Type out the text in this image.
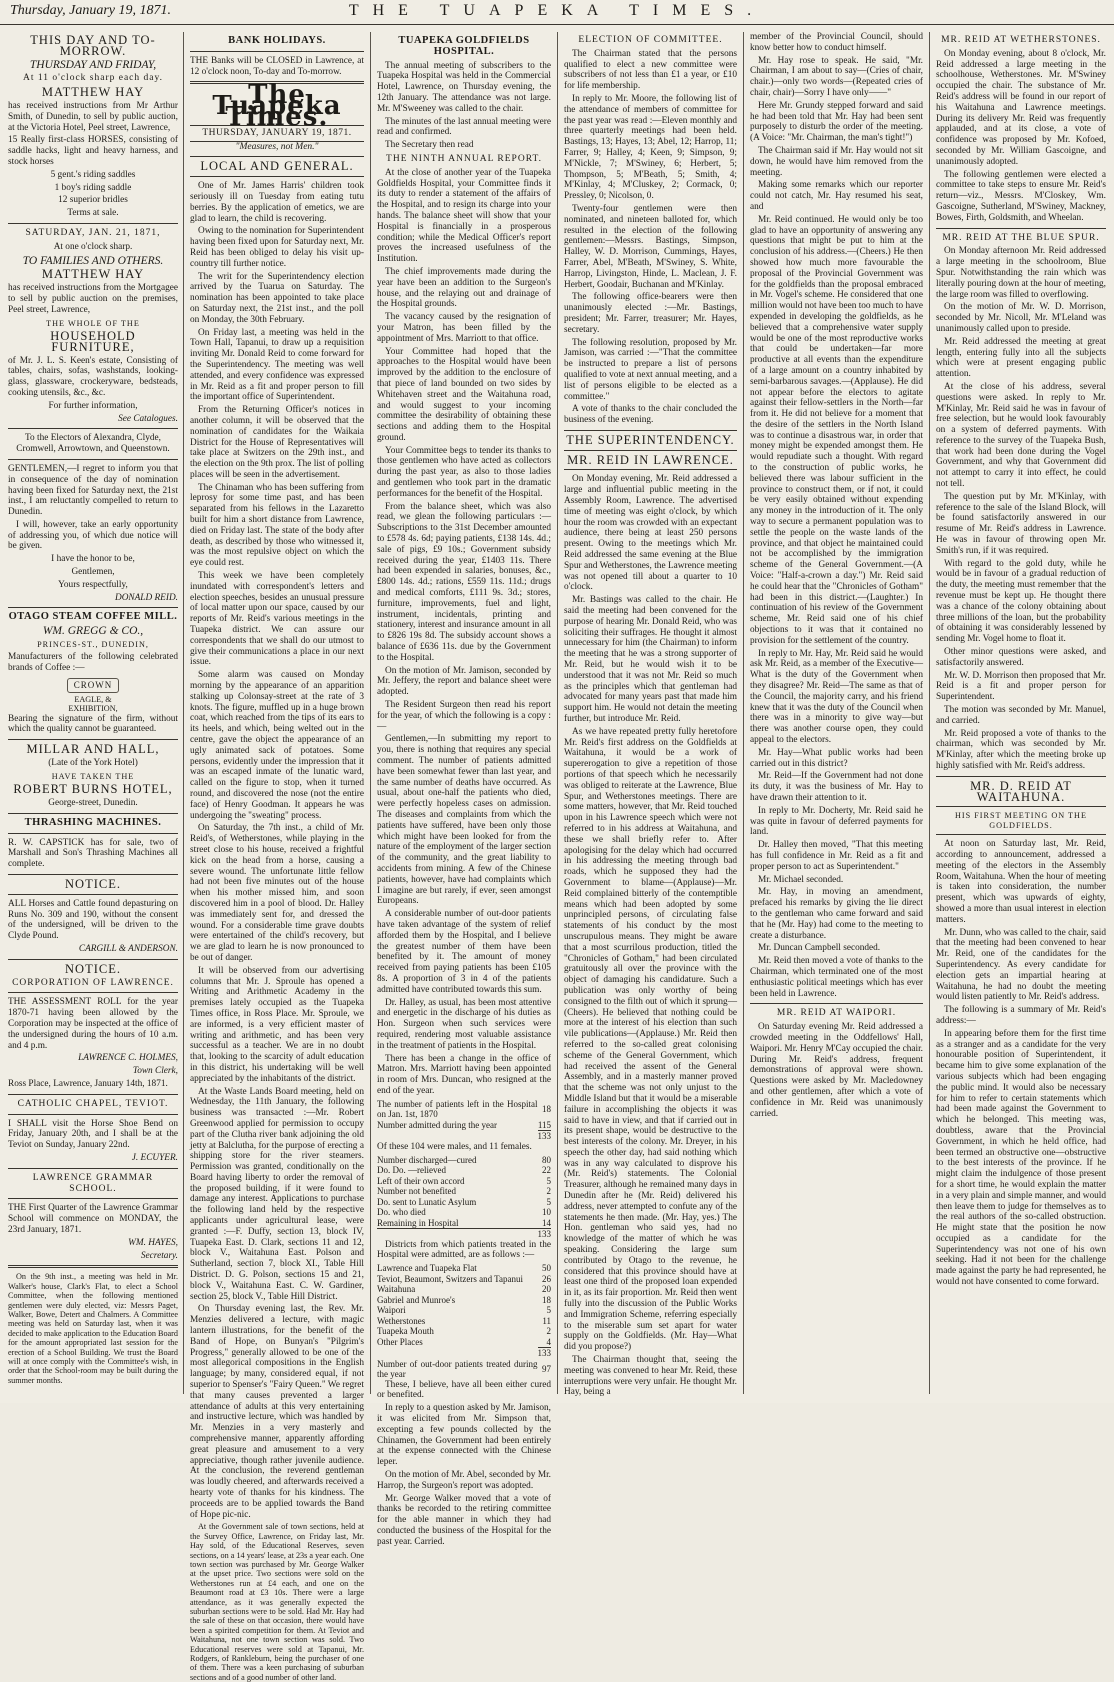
Thursday, January 19, 1871.	THE TUAPEKA TIMES.
THIS DAY AND TO-MORROW.
THURSDAY AND FRIDAY,
At 11 o'clock sharp each day.
MATTHEW HAY

has received instructions from Mr Arthur Smith, of Dunedin, to sell by public auction, at the Victoria Hotel, Peel street, Lawrence,

15 Really first-class HORSES, consisting of saddle hacks, light and heavy harness, and stock horses

5 gent.'s riding saddles

1 boy's riding saddle

12 superior bridles

Terms at sale.

SATURDAY, JAN. 21, 1871,
At one o'clock sharp.
TO FAMILIES AND OTHERS.
MATTHEW HAY

has received instructions from the Mortgagee to sell by public auction on the premises, Peel street, Lawrence,

THE WHOLE OF THE
HOUSEHOLD FURNITURE,

of Mr. J. L. S. Keen's estate, Consisting of tables, chairs, sofas, washstands, looking-glass, glassware, crockeryware, bedsteads, cooking utensils, &c., &c.

For further information,

See Catalogues.

To the Electors of Alexandra, Clyde, Cromwell, Arrowtown, and Queenstown.

GENTLEMEN,—I regret to inform you that in consequence of the day of nomination having been fixed for Saturday next, the 21st inst., I am reluctantly compelled to return to Dunedin.

I will, however, take an early opportunity of addressing you, of which due notice will be given.

I have the honor to be,

Gentlemen,

Yours respectfully,

DONALD REID.

OTAGO STEAM COFFEE MILL.
WM. GREGG & CO.,
PRINCES-ST., DUNEDIN,

Manufacturers of the following celebrated brands of Coffee :—

CROWN
EAGLE, &
EXHIBITION,

Bearing the signature of the firm, without which the quality cannot be guaranteed.

MILLAR AND HALL,
(Late of the York Hotel)
HAVE TAKEN THE
ROBERT BURNS HOTEL,
George-street, Dunedin.
THRASHING MACHINES.

R. W. CAPSTICK has for sale, two of Marshall and Son's Thrashing Machines all complete.

NOTICE.

ALL Horses and Cattle found depasturing on Runs No. 309 and 190, without the consent of the undersigned, will be driven to the Clyde Pound.

CARGILL & ANDERSON.

NOTICE.
CORPORATION OF LAWRENCE.

THE ASSESSMENT ROLL for the year 1870-71 having been allowed by the Corporation may be inspected at the office of the undersigned during the hours of 10 a.m. and 4 p.m.

LAWRENCE C. HOLMES,

Town Clerk,

Ross Place, Lawrence, January 14th, 1871.

CATHOLIC CHAPEL, TEVIOT.

I SHALL visit the Horse Shoe Bend on Friday, January 20th, and I shall be at the Teviot on Sunday, January 22nd.

J. ECUYER.

LAWRENCE GRAMMAR SCHOOL.

THE First Quarter of the Lawrence Grammar School will commence on MONDAY, the 23rd January, 1871.

WM. HAYES,

Secretary.

On the 9th inst., a meeting was held in Mr. Walker's house, Clark's Flat, to elect a School Committee, when the following mentioned gentlemen were duly elected, viz: Messrs Paget, Walker, Bowe, Detert and Chalmers. A Committee meeting was held on Saturday last, when it was decided to make application to the Education Board for the amount appropriated last session for the erection of a School Building. We trust the Board will at once comply with the Committee's wish, in order that the School-room may be built during the summer months.

BANK HOLIDAYS.

THE Banks will be CLOSED in Lawrence, at 12 o'clock noon, To-day and To-morrow.

The Tuapeka Times.
THURSDAY, JANUARY 19, 1871.
"Measures, not Men."
LOCAL AND GENERAL.

One of Mr. James Harris' children took seriously ill on Tuesday from eating tutu berries. By the application of emetics, we are glad to learn, the child is recovering.

Owing to the nomination for Superintendent having been fixed upon for Saturday next, Mr. Reid has been obliged to delay his visit up-country till further notice.

The writ for the Superintendency election arrived by the Tuarua on Saturday. The nomination has been appointed to take place on Saturday next, the 21st inst., and the poll on Monday, the 30th February.

On Friday last, a meeting was held in the Town Hall, Tapanui, to draw up a requisition inviting Mr. Donald Reid to come forward for the Superintendency. The meeting was well attended, and every confidence was expressed in Mr. Reid as a fit and proper person to fill the important office of Superintendent.

From the Returning Officer's notices in another column, it will be observed that the nomination of candidates for the Waikaia District for the House of Representatives will take place at Switzers on the 29th inst., and the election on the 9th prox. The list of polling places will be seen in the advertisement.

The Chinaman who has been suffering from leprosy for some time past, and has been separated from his fellows in the Lazaretto built for him a short distance from Lawrence, died on Friday last. The state of the body after death, as described by those who witnessed it, was the most repulsive object on which the eye could rest.

This week we have been completely inundated with correspondent's letters and election speeches, besides an unusual pressure of local matter upon our space, caused by our reports of Mr. Reid's various meetings in the Tuapeka district. We can assure our correspondents that we shall do our utmost to give their communications a place in our next issue.

Some alarm was caused on Monday morning by the appearance of an apparition stalking up Colonsay-street at the rate of 3 knots. The figure, muffled up in a huge brown coat, which reached from the tips of its ears to its heels, and which, being welted out in the centre, gave the object the appearance of an ugly animated sack of potatoes. Some persons, evidently under the impression that it was an escaped inmate of the lunatic ward, called on the figure to stop, when it turned round, and discovered the nose (not the entire face) of Henry Goodman. It appears he was undergoing the "sweating" process.

On Saturday, the 7th inst., a child of Mr. Reid's, of Wetherstones, while playing in the street close to his house, received a frightful kick on the head from a horse, causing a severe wound. The unfortunate little fellow had not been five minutes out of the house when his mother missed him, and soon discovered him in a pool of blood. Dr. Halley was immediately sent for, and dressed the wound. For a considerable time grave doubts were entertained of the child's recovery, but we are glad to learn he is now pronounced to be out of danger.

It will be observed from our advertising columns that Mr. J. Sproule has opened a Writing and Arithmetic Academy in the premises lately occupied as the Tuapeka Times office, in Ross Place. Mr. Sproule, we are informed, is a very efficient master of writing and arithmetic, and has been very successful as a teacher. We are in no doubt that, looking to the scarcity of adult education in this district, his undertaking will be well appreciated by the inhabitants of the district.

At the Waste Lands Board meeting, held on Wednesday, the 11th January, the following business was transacted :—Mr. Robert Greenwood applied for permission to occupy part of the Clutha river bank adjoining the old jetty at Balclutha, for the purpose of erecting a shipping store for the river steamers. Permission was granted, conditionally on the Board having liberty to order the removal of the proposed building, if it were found to damage any interest. Applications to purchase the following land held by the respective applicants under agricultural lease, were granted :—F. Duffy, section 13, block IV, Tuapeka East. D. Clark, sections 11 and 12, block V., Waitahuna East. Polson and Sutherland, section 7, block XI., Table Hill District. D. G. Polson, sections 15 and 21, block V., Waitahuna East. C. W. Gardiner, section 25, block V., Table Hill District.

On Thursday evening last, the Rev. Mr. Menzies delivered a lecture, with magic lantern illustrations, for the benefit of the Band of Hope, on Bunyan's "Pilgrim's Progress," generally allowed to be one of the most allegorical compositions in the English language; by many, considered equal, if not superior to Spenser's "Fairy Queen." We regret that many causes prevented a larger attendance of adults at this very entertaining and instructive lecture, which was handled by Mr. Menzies in a very masterly and comprehensive manner, apparently affording great pleasure and amusement to a very appreciative, though rather juvenile audience. At the conclusion, the reverend gentleman was loudly cheered, and afterwards received a hearty vote of thanks for his kindness. The proceeds are to be applied towards the Band of Hope pic-nic.

At the Government sale of town sections, held at the Survey Office, Lawrence, on Friday last, Mr. Hay sold, of the Educational Reserves, seven sections, on a 14 years' lease, at 23s a year each. One town section was purchased by Mr. George Walker at the upset price. Two sections were sold on the Wetherstones run at £4 each, and one on the Beaumont road at £3 10s. There were a large attendance, as it was generally expected the suburban sections were to be sold. Had Mr. Hay had the sale of these on that occasion, there would have been a spirited competition for them. At Teviot and Waitahuna, not one town section was sold. Two Educational reserves were sold at Tapanui, Mr. Rodgers, of Rankleburn, being the purchaser of one of them. There was a keen purchasing of suburban sections and of a good number of other land.

TUAPEKA GOLDFIELDS HOSPITAL.

The annual meeting of subscribers to the Tuapeka Hospital was held in the Commercial Hotel, Lawrence, on Thursday evening, the 12th January. The attendance was not large. Mr. M'Sweeney was called to the chair.

The minutes of the last annual meeting were read and confirmed.

The Secretary then read

THE NINTH ANNUAL REPORT.

At the close of another year of the Tuapeka Goldfields Hospital, your Committee finds it its duty to render a statement of the affairs of the Hospital, and to resign its charge into your hands. The balance sheet will show that your Hospital is financially in a prosperous condition; while the Medical Officer's report proves the increased usefulness of the Institution.

The chief improvements made during the year have been an addition to the Surgeon's house, and the relaying out and drainage of the Hospital grounds.

The vacancy caused by the resignation of your Matron, has been filled by the appointment of Mrs. Marriott to that office.

Your Committee had hoped that the approaches to the Hospital would have been improved by the addition to the enclosure of that piece of land bounded on two sides by Whitehaven street and the Waitahuna road, and would suggest to your incoming committee the desirability of obtaining these sections and adding them to the Hospital ground.

Your Committee begs to tender its thanks to those gentlemen who have acted as collectors during the past year, as also to those ladies and gentlemen who took part in the dramatic performances for the benefit of the Hospital.

From the balance sheet, which was also read, we glean the following particulars :—Subscriptions to the 31st December amounted to £578 4s. 6d; paying patients, £138 14s. 4d.; sale of pigs, £9 10s.; Government subsidy received during the year, £1403 11s. There had been expended in salaries, bonuses, &c., £800 14s. 4d.; rations, £559 11s. 11d.; drugs and medical comforts, £111 9s. 3d.; stores, furniture, improvements, fuel and light, instrument, incidentals, printing and stationery, interest and insurance amount in all to £826 19s 8d. The subsidy account shows a balance of £636 11s. due by the Government to the Hospital.

On the motion of Mr. Jamison, seconded by Mr. Jeffery, the report and balance sheet were adopted.

The Resident Surgeon then read his report for the year, of which the following is a copy :—

Gentlemen,—In submitting my report to you, there is nothing that requires any special comment. The number of patients admitted have been somewhat fewer than last year, and the same number of deaths have occurred. As usual, about one-half the patients who died, were perfectly hopeless cases on admission. The diseases and complaints from which the patients have suffered, have been only those which might have been looked for from the nature of the employment of the larger section of the community, and the great liability to accidents from mining. A few of the Chinese patients, however, have had complaints which I imagine are but rarely, if ever, seen amongst Europeans.

A considerable number of out-door patients have taken advantage of the system of relief afforded them by the Hospital, and I believe the greatest number of them have been benefited by it. The amount of money received from paying patients has been £105 8s. A proportion of 3 in 4 of the patients admitted have contributed towards this sum.

Dr. Halley, as usual, has been most attentive and energetic in the discharge of his duties as Hon. Surgeon when such services were required, rendering most valuable assistance in the treatment of patients in the Hospital.

There has been a change in the office of Matron. Mrs. Marriott having been appointed in room of Mrs. Duncan, who resigned at the end of the year.

The number of patients left in the Hospital on Jan. 1st, 1870	18
Number admitted during the year	115
	133

Of these 104 were males, and 11 females.

Number discharged—cured	80
Do. Do. —relieved	22
Left of their own accord	5
Number not benefited	2
Do. sent to Lunatic Asylum	5
Do. who died	10
Remaining in Hospital	14
	133

Districts from which patients treated in the Hospital were admitted, are as follows :—

Lawrence and Tuapeka Flat	50
Teviot, Beaumont, Switzers and Tapanui	26
Waitahuna	20
Gabriel and Munroe's	18
Waipori	5
Wetherstones	11
Tuapeka Mouth	2
Other Places	4
	133
Number of out-door patients treated during the year	97

These, I believe, have all been either cured or benefited.

In reply to a question asked by Mr. Jamison, it was elicited from Mr. Simpson that, excepting a few pounds collected by the Chinamen, the Government had been entirely at the expense connected with the Chinese leper.

On the motion of Mr. Abel, seconded by Mr. Harrop, the Surgeon's report was adopted.

Mr. George Walker moved that a vote of thanks be recorded to the retiring committee for the able manner in which they had conducted the business of the Hospital for the past year. Carried.

ELECTION OF COMMITTEE.

The Chairman stated that the persons qualified to elect a new committee were subscribers of not less than £1 a year, or £10 for life membership.

In reply to Mr. Moore, the following list of the attendance of members of committee for the past year was read :—Eleven monthly and three quarterly meetings had been held. Bastings, 13; Hayes, 13; Abel, 12; Harrop, 11; Farrer, 9; Halley, 4; Keen, 9; Simpson, 9; M'Nickle, 7; M'Swiney, 6; Herbert, 5; Thompson, 5; M'Beath, 5; Smith, 4; M'Kinlay, 4; M'Cluskey, 2; Cormack, 0; Pressley, 0; Nicolson, 0.

Twenty-four gentlemen were then nominated, and nineteen balloted for, which resulted in the election of the following gentlemen:—Messrs. Bastings, Simpson, Halley, W. D. Morrison, Cummings, Hayes, Farrer, Abel, M'Beath, M'Swiney, S. White, Harrop, Livingston, Hinde, L. Maclean, J. F. Herbert, Goodair, Buchanan and M'Kinlay.

The following office-bearers were then unanimously elected :—Mr. Bastings, president; Mr. Farrer, treasurer; Mr. Hayes, secretary.

The following resolution, proposed by Mr. Jamison, was carried :—"That the committee be instructed to prepare a list of persons qualified to vote at next annual meeting, and a list of persons eligible to be elected as a committee."

A vote of thanks to the chair concluded the business of the evening.

THE SUPERINTENDENCY.
MR. REID IN LAWRENCE.

On Monday evening, Mr. Reid addressed a large and influential public meeting in the Assembly Room, Lawrence. The advertised time of meeting was eight o'clock, by which hour the room was crowded with an expectant audience, there being at least 250 persons present. Owing to the meetings which Mr. Reid addressed the same evening at the Blue Spur and Wetherstones, the Lawrence meeting was not opened till about a quarter to 10 o'clock.

Mr. Bastings was called to the chair. He said the meeting had been convened for the purpose of hearing Mr. Donald Reid, who was soliciting their suffrages. He thought it almost unnecessary for him (the Chairman) to inform the meeting that he was a strong supporter of Mr. Reid, but he would wish it to be understood that it was not Mr. Reid so much as the principles which that gentleman had advocated for many years past that made him support him. He would not detain the meeting further, but introduce Mr. Reid.

As we have repeated pretty fully heretofore Mr. Reid's first address on the Goldfields at Waitahuna, it would be a work of supererogation to give a repetition of those portions of that speech which he necessarily was obliged to reiterate at the Lawrence, Blue Spur, and Wetherstones meetings. There are some matters, however, that Mr. Reid touched upon in his Lawrence speech which were not referred to in his address at Waitahuna, and these we shall briefly refer to. After apologising for the delay which had occurred in his addressing the meeting through bad roads, which he supposed they had the Government to blame—(Applause)—Mr. Reid complained bitterly of the contemptible means which had been adopted by some unprincipled persons, of circulating false statements of his conduct by the most unscrupulous means. They might be aware that a most scurrilous production, titled the "Chronicles of Gotham," had been circulated gratuitously all over the province with the object of damaging his candidature. Such a publication was only worthy of being consigned to the filth out of which it sprung—(Cheers). He believed that nothing could be more at the interest of his election than such vile publications—(Applause.) Mr. Reid then referred to the so-called great colonising scheme of the General Government, which had received the assent of the General Assembly, and in a masterly manner proved that the scheme was not only unjust to the Middle Island but that it would be a miserable failure in accomplishing the objects it was said to have in view, and that if carried out in its present shape, would be destructive to the best interests of the colony. Mr. Dreyer, in his speech the other day, had said nothing which was in any way calculated to disprove his (Mr. Reid's) statements. The Colonial Treasurer, although he remained many days in Dunedin after he (Mr. Reid) delivered his address, never attempted to confute any of the statements he then made. (Mr. Hay, yes.) The Hon. gentleman who said yes, had no knowledge of the matter of which he was speaking. Considering the large sum contributed by Otago to the revenue, he considered that this province should have at least one third of the proposed loan expended in it, as its fair proportion. Mr. Reid then went fully into the discussion of the Public Works and Immigration Scheme, referring especially to the miserable sum set apart for water supply on the Goldfields. (Mr. Hay—What did you propose?)

The Chairman thought that, seeing the meeting was convened to hear Mr. Reid, these interruptions were very unfair. He thought Mr. Hay, being a

member of the Provincial Council, should know better how to conduct himself.

Mr. Hay rose to speak. He said, "Mr. Chairman, I am about to say—(Cries of chair, chair.)—only two words—(Repeated cries of chair, chair)—Sorry I have only——"

Here Mr. Grundy stepped forward and said he had been told that Mr. Hay had been sent purposely to disturb the order of the meeting. (A Voice: "Mr. Chairman, the man's tight!")

The Chairman said if Mr. Hay would not sit down, he would have him removed from the meeting.

Making some remarks which our reporter could not catch, Mr. Hay resumed his seat, and

Mr. Reid continued. He would only be too glad to have an opportunity of answering any questions that might be put to him at the conclusion of his address.—(Cheers.) He then showed how much more favourable the proposal of the Provincial Government was for the goldfields than the proposal embraced in Mr. Vogel's scheme. He considered that one million would not have been too much to have expended in developing the goldfields, as he believed that a comprehensive water supply would be one of the most reproductive works that could be undertaken—far more productive at all events than the expenditure of a large amount on a country inhabited by semi-barbarous savages.—(Applause). He did not appear before the electors to agitate against their fellow-settlers in the North—far from it. He did not believe for a moment that the desire of the settlers in the North Island was to continue a disastrous war, in order that money might be expended amongst them. He would repudiate such a thought. With regard to the construction of public works, he believed there was labour sufficient in the province to construct them, or if not, it could be very easily obtained without expending any money in the introduction of it. The only way to secure a permanent population was to settle the people on the waste lands of the province, and that object he maintained could not be accomplished by the immigration scheme of the General Government.—(A Voice: "Half-a-crown a day.") Mr. Reid said he could hear that the "Chronicles of Gotham" had been in this district.—(Laughter.) In continuation of his review of the Government scheme, Mr. Reid said one of his chief objections to it was that it contained no provision for the settlement of the country.

In reply to Mr. Hay, Mr. Reid said he would ask Mr. Reid, as a member of the Executive—What is the duty of the Government when they disagree? Mr. Reid—The same as that of the Council, the majority carry, and his friend knew that it was the duty of the Council when there was in a minority to give way—but there was another course open, they could appeal to the electors.

Mr. Hay—What public works had been carried out in this district?

Mr. Reid—If the Government had not done its duty, it was the business of Mr. Hay to have drawn their attention to it.

In reply to Mr. Docherty, Mr. Reid said he was quite in favour of deferred payments for land.

Dr. Halley then moved, "That this meeting has full confidence in Mr. Reid as a fit and proper person to act as Superintendent."

Mr. Michael seconded.

Mr. Hay, in moving an amendment, prefaced his remarks by giving the lie direct to the gentleman who came forward and said that he (Mr. Hay) had come to the meeting to create a disturbance.

Mr. Duncan Campbell seconded.

Mr. Reid then moved a vote of thanks to the Chairman, which terminated one of the most enthusiastic political meetings which has ever been held in Lawrence.

MR. REID AT WAIPORI.

On Saturday evening Mr. Reid addressed a crowded meeting in the Oddfellows' Hall, Waipori. Mr. Henry M'Cay occupied the chair. During Mr. Reid's address, frequent demonstrations of approval were shown. Questions were asked by Mr. Macledowney and other gentlemen, after which a vote of confidence in Mr. Reid was unanimously carried.

MR. REID AT WETHERSTONES.

On Monday evening, about 8 o'clock, Mr. Reid addressed a large meeting in the schoolhouse, Wetherstones. Mr. M'Swiney occupied the chair. The substance of Mr. Reid's address will be found in our report of his Waitahuna and Lawrence meetings. During its delivery Mr. Reid was frequently applauded, and at its close, a vote of confidence was proposed by Mr. Kofoed, seconded by Mr. William Gascoigne, and unanimously adopted.

The following gentlemen were elected a committee to take steps to ensure Mr. Reid's return—viz., Messrs. M'Closkey, Wm. Gascoigne, Sutherland, M'Swiney, Mackney, Bowes, Firth, Goldsmith, and Wheelan.

MR. REID AT THE BLUE SPUR.

On Monday afternoon Mr. Reid addressed a large meeting in the schoolroom, Blue Spur. Notwithstanding the rain which was literally pouring down at the hour of meeting, the large room was filled to overflowing.

On the motion of Mr. W. D. Morrison, seconded by Mr. Nicoll, Mr. M'Leland was unanimously called upon to preside.

Mr. Reid addressed the meeting at great length, entering fully into all the subjects which were at present engaging public attention.

At the close of his address, several questions were asked. In reply to Mr. M'Kinlay, Mr. Reid said he was in favour of free selection, but he would look favourably on a system of deferred payments. With reference to the survey of the Tuapeka Bush, that work had been done during the Vogel Government, and why that Government did not attempt to carry it into effect, he could not tell.

The question put by Mr. M'Kinlay, with reference to the sale of the Island Block, will be found satisfactorily answered in our resume of Mr. Reid's address in Lawrence. He was in favour of throwing open Mr. Smith's run, if it was required.

With regard to the gold duty, while he would be in favour of a gradual reduction of the duty, the meeting must remember that the revenue must be kept up. He thought there was a chance of the colony obtaining about three millions of the loan, but the probability of obtaining it was considerably lessened by sending Mr. Vogel home to float it.

Other minor questions were asked, and satisfactorily answered.

Mr. W. D. Morrison then proposed that Mr. Reid is a fit and proper person for Superintendent.

The motion was seconded by Mr. Manuel, and carried.

Mr. Reid proposed a vote of thanks to the chairman, which was seconded by Mr. M'Kinlay, after which the meeting broke up highly satisfied with Mr. Reid's address.

MR. D. REID AT WAITAHUNA.
HIS FIRST MEETING ON THE GOLDFIELDS.

At noon on Saturday last, Mr. Reid, according to announcement, addressed a meeting of the electors in the Assembly Room, Waitahuna. When the hour of meeting is taken into consideration, the number present, which was upwards of eighty, showed a more than usual interest in election matters.

Mr. Dunn, who was called to the chair, said that the meeting had been convened to hear Mr. Reid, one of the candidates for the Superintendency. As every candidate for election gets an impartial hearing at Waitahuna, he had no doubt the meeting would listen patiently to Mr. Reid's address.

The following is a summary of Mr. Reid's address:—

In appearing before them for the first time as a stranger and as a candidate for the very honourable position of Superintendent, it became him to give some explanation of the various subjects which had been engaging the public mind. It would also be necessary for him to refer to certain statements which had been made against the Government to which he belonged. This meeting was, doubtless, aware that the Provincial Government, in which he held office, had been termed an obstructive one—obstructive to the best interests of the province. If he might claim the indulgence of those present for a short time, he would explain the matter in a very plain and simple manner, and would then leave them to judge for themselves as to the real authors of the so-called obstruction. He might state that the position he now occupied as a candidate for the Superintendency was not one of his own seeking. Had it not been for the challenge made against the party he had represented, he would not have consented to come forward.
